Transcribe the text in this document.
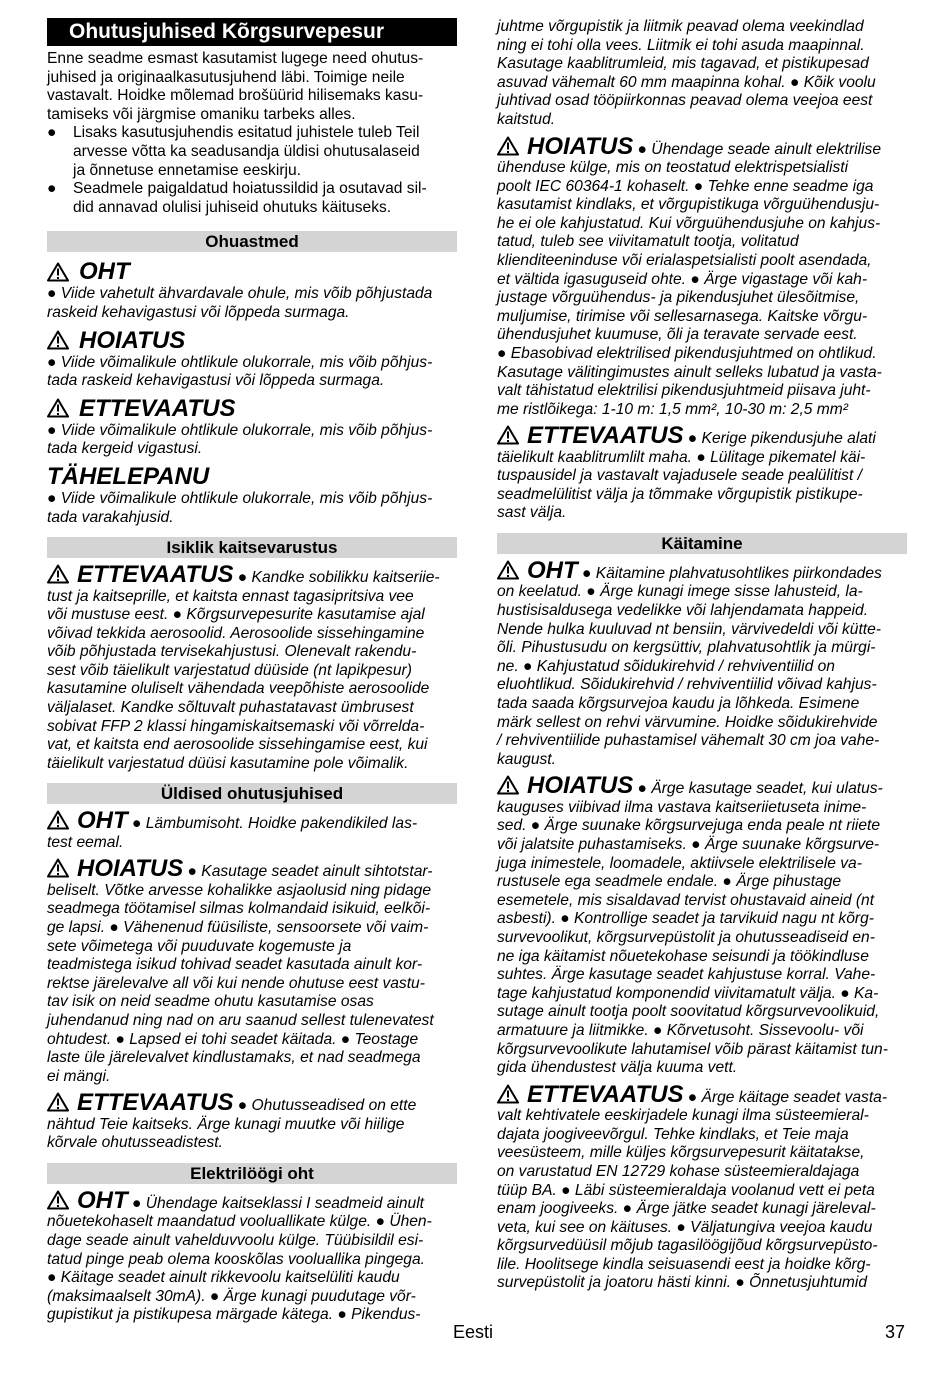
Ohutusjuhised Kõrgsurvepesur
Enne seadme esmast kasutamist lugege need ohutus-
juhised ja originaalkasutusjuhend läbi. Toimige neile
vastavalt. Hoidke mõlemad brošüürid hilisemaks kasu-
tamiseks või järgmise omaniku tarbeks alles.
●	Lisaks kasutusjuhendis esitatud juhistele tuleb Teil
arvesse võtta ka seadusandja üldisi ohutusalaseid
ja õnnetuse ennetamise eeskirju.
●	Seadmele paigaldatud hoiatussildid ja osutavad sil-
did annavad olulisi juhiseid ohutuks käituseks.
Ohuastmed
OHT
● Viide vahetult ähvardavale ohule, mis võib põhjustada
raskeid kehavigastusi või lõppeda surmaga.
HOIATUS
● Viide võimalikule ohtlikule olukorrale, mis võib põhjus-
tada raskeid kehavigastusi või lõppeda surmaga.
ETTEVAATUS
● Viide võimalikule ohtlikule olukorrale, mis võib põhjus-
tada kergeid vigastusi.
TÄHELEPANU
● Viide võimalikule ohtlikule olukorrale, mis võib põhjus-
tada varakahjusid.
Isiklik kaitsevarustus
ETTEVAATUS ● Kandke sobilikku kaitseriie-
tust ja kaitseprille, et kaitsta ennast tagasipritsiva vee
või mustuse eest. ● Kõrgsurvepesurite kasutamise ajal
võivad tekkida aerosoolid. Aerosoolide sissehingamine
võib põhjustada tervisekahjustusi. Olenevalt rakendu-
sest võib täielikult varjestatud düüside (nt lapikpesur)
kasutamine oluliselt vähendada veepõhiste aerosoolide
väljalaset. Kandke sõltuvalt puhastatavast ümbrusest
sobivat FFP 2 klassi hingamiskaitsemaski või võrrelda-
vat, et kaitsta end aerosoolide sissehingamise eest, kui
täielikult varjestatud düüsi kasutamine pole võimalik.
Üldised ohutusjuhised
OHT ● Lämbumisoht. Hoidke pakendikiled las-
test eemal.
HOIATUS ● Kasutage seadet ainult sihtotstar-
beliselt. Võtke arvesse kohalikke asjaolusid ning pidage
seadmega töötamisel silmas kolmandaid isikuid, eelkõi-
ge lapsi. ● Vähenenud füüsiliste, sensoorsete või vaim-
sete võimetega või puuduvate kogemuste ja
teadmistega isikud tohivad seadet kasutada ainult kor-
rektse järelevalve all või kui nende ohutuse eest vastu-
tav isik on neid seadme ohutu kasutamise osas
juhendanud ning nad on aru saanud sellest tulenevatest
ohtudest. ● Lapsed ei tohi seadet käitada. ● Teostage
laste üle järelevalvet kindlustamaks, et nad seadmega
ei mängi.
ETTEVAATUS ● Ohutusseadised on ette
nähtud Teie kaitseks. Ärge kunagi muutke või hiilige
kõrvale ohutusseadistest.
Elektrilöögi oht
OHT ● Ühendage kaitseklassi I seadmeid ainult
nõuetekohaselt maandatud vooluallikate külge. ● Ühen-
dage seade ainult vahelduvvoolu külge. Tüübisildil esi-
tatud pinge peab olema kooskõlas vooluallika pingega.
● Käitage seadet ainult rikkevoolu kaitselüliti kaudu
(maksimaalselt 30mA). ● Ärge kunagi puudutage võr-
gupistikut ja pistikupesa märgade kätega. ● Pikendus-
juhtme võrgupistik ja liitmik peavad olema veekindlad
ning ei tohi olla vees. Liitmik ei tohi asuda maapinnal.
Kasutage kaablitrumleid, mis tagavad, et pistikupesad
asuvad vähemalt 60 mm maapinna kohal. ● Kõik voolu
juhtivad osad tööpiirkonnas peavad olema veejoa eest
kaitstud.
HOIATUS ● Ühendage seade ainult elektrilise
ühenduse külge, mis on teostatud elektrispetsialisti
poolt IEC 60364-1 kohaselt. ● Tehke enne seadme iga
kasutamist kindlaks, et võrgupistikuga võrguühendusju-
he ei ole kahjustatud. Kui võrguühendusjuhe on kahjus-
tatud, tuleb see viivitamatult tootja, volitatud
klienditeeninduse või erialaspetsialisti poolt asendada,
et vältida igasuguseid ohte. ● Ärge vigastage või kah-
justage võrguühendus- ja pikendusjuhet ülesõitmise,
muljumise, tirimise või sellesarnasega. Kaitske võrgu-
ühendusjuhet kuumuse, õli ja teravate servade eest.
● Ebasobivad elektrilised pikendusjuhtmed on ohtlikud.
Kasutage välitingimustes ainult selleks lubatud ja vasta-
valt tähistatud elektrilisi pikendusjuhtmeid piisava juht-
me ristlõikega: 1-10 m: 1,5 mm², 10-30 m: 2,5 mm²
ETTEVAATUS ● Kerige pikendusjuhe alati
täielikult kaablitrumlilt maha. ● Lülitage pikematel käi-
tuspausidel ja vastavalt vajadusele seade pealülitist /
seadmelülitist välja ja tõmmake võrgupistik pistikupe-
sast välja.
Käitamine
OHT ● Käitamine plahvatusohtlikes piirkondades
on keelatud. ● Ärge kunagi imege sisse lahusteid, la-
hustisisaldusega vedelikke või lahjendamata happeid.
Nende hulka kuuluvad nt bensiin, värvivedeldi või kütte-
õli. Pihustusudu on kergsüttiv, plahvatusohtlik ja mürgi-
ne. ● Kahjustatud sõidukirehvid / rehviventiilid on
eluohtlikud. Sõidukirehvid / rehviventiilid võivad kahjus-
tada saada kõrgsurvejoa kaudu ja lõhkeda. Esimene
märk sellest on rehvi värvumine. Hoidke sõidukirehvide
/ rehviventiilide puhastamisel vähemalt 30 cm joa vahe-
kaugust.
HOIATUS ● Ärge kasutage seadet, kui ulatus-
kauguses viibivad ilma vastava kaitseriietuseta inime-
sed. ● Ärge suunake kõrgsurvejuga enda peale nt riiete
või jalatsite puhastamiseks. ● Ärge suunake kõrgsurve-
juga inimestele, loomadele, aktiivsele elektrilisele va-
rustusele ega seadmele endale. ● Ärge pihustage
esemetele, mis sisaldavad tervist ohustavaid aineid (nt
asbesti). ● Kontrollige seadet ja tarvikuid nagu nt kõrg-
survevoolikut, kõrgsurvepüstolit ja ohutusseadiseid en-
ne iga käitamist nõuetekohase seisundi ja töökindluse
suhtes. Ärge kasutage seadet kahjustuse korral. Vahe-
tage kahjustatud komponendid viivitamatult välja. ● Ka-
sutage ainult tootja poolt soovitatud kõrgsurvevoolikuid,
armatuure ja liitmikke. ● Kõrvetusoht. Sissevoolu- või
kõrgsurvevoolikute lahutamisel võib pärast käitamist tun-
gida ühendustest välja kuuma vett.
ETTEVAATUS ● Ärge käitage seadet vasta-
valt kehtivatele eeskirjadele kunagi ilma süsteemieral-
dajata joogiveevõrgul. Tehke kindlaks, et Teie maja
veesüsteem, mille küljes kõrgsurvepesurit käitatakse,
on varustatud EN 12729 kohase süsteemieraldajaga
tüüp BA. ● Läbi süsteemieraldaja voolanud vett ei peta
enam joogiveeks. ● Ärge jätke seadet kunagi järeleval-
veta, kui see on käituses. ● Väljatungiva veejoa kaudu
kõrgsurvedüüsil mõjub tagasilöögijõud kõrgsurvepüsto-
lile. Hoolitsege kindla seisuasendi eest ja hoidke kõrg-
survepüstolit ja joatoru hästi kinni. ● Õnnetusjuhtumid
Eesti	37
